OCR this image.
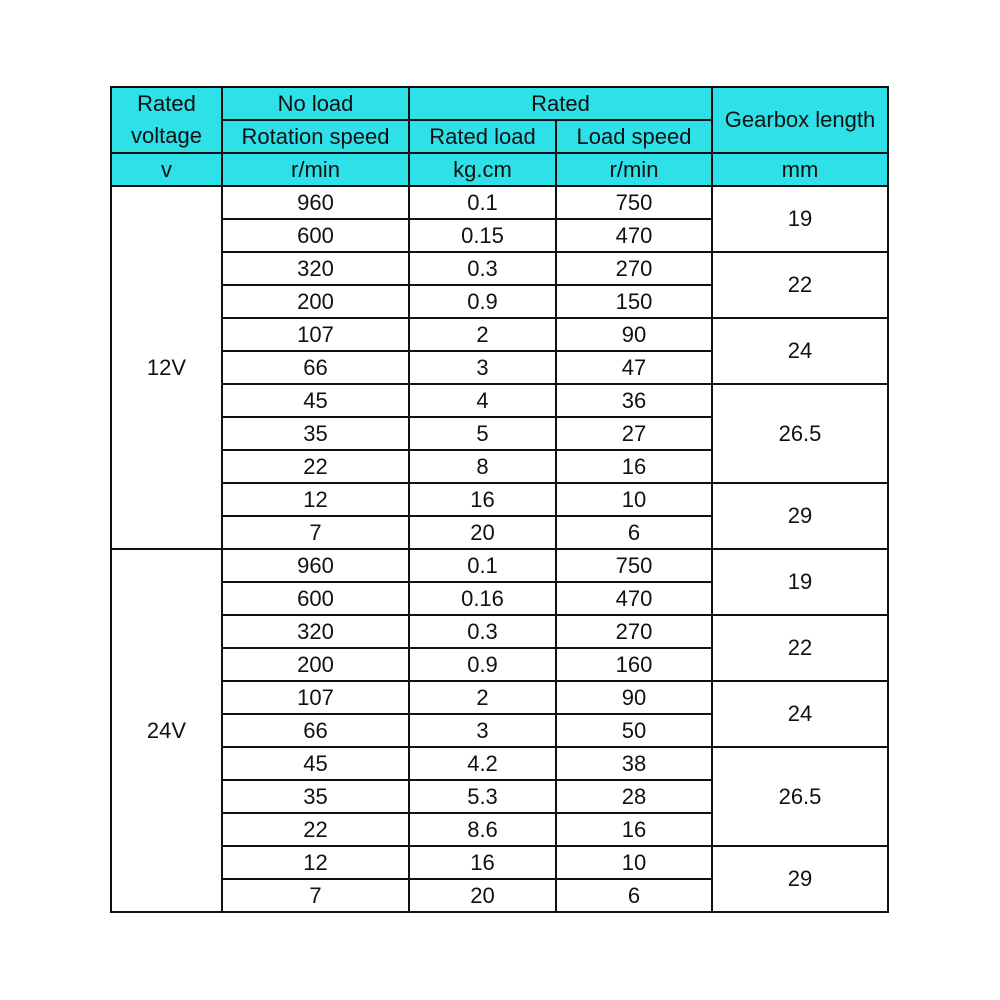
Rated
voltage	No load	Rated		Gearbox length
	Rotation speed	Rated load	Load speed	
v	r/min	kg.cm	r/min	mm
12V	960	0.1	750	19
	600	0.15	470	
	320	0.3	270	22
	200	0.9	150	
	107	2	90	24
	66	3	47	
	45	4	36	26.5
	35	5	27	
	22	8	16	
	12	16	10	29
	7	20	6	
24V	960	0.1	750	19
	600	0.16	470	
	320	0.3	270	22
	200	0.9	160	
	107	2	90	24
	66	3	50	
	45	4.2	38	26.5
	35	5.3	28	
	22	8.6	16	
	12	16	10	29
	7	20	6	
